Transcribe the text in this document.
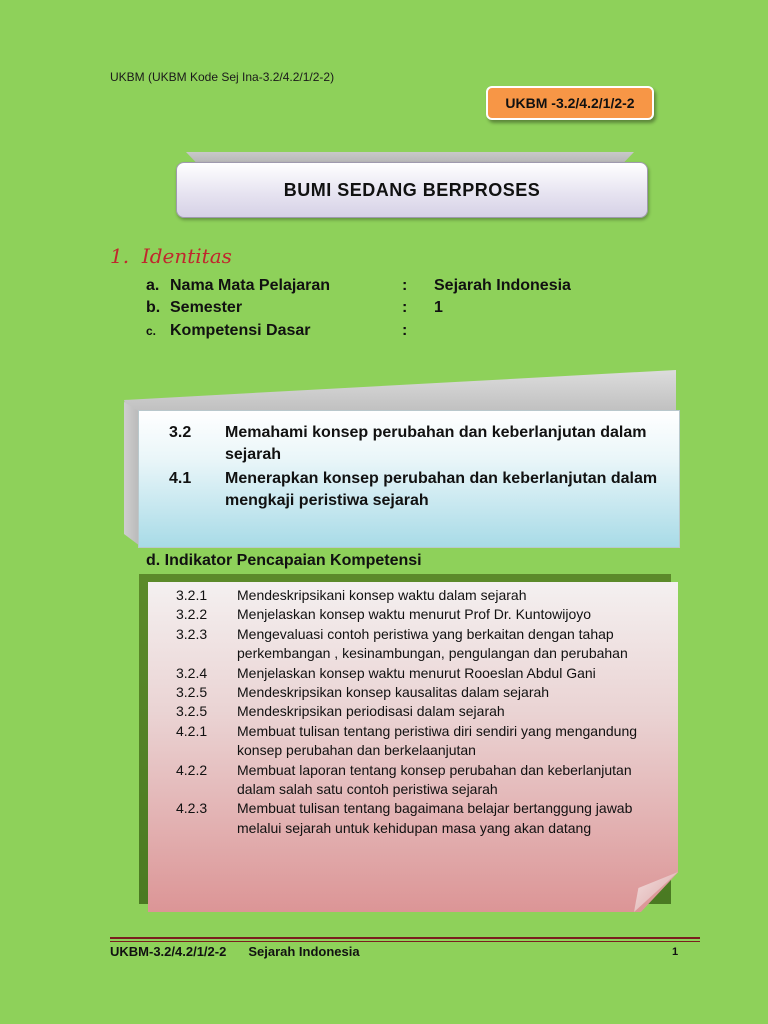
UKBM (UKBM Kode Sej Ina-3.2/4.2/1/2-2)
UKBM -3.2/4.2/1/2-2
BUMI SEDANG BERPROSES
1. Identitas
a. Nama Mata Pelajaran	: Sejarah Indonesia
b. Semester	: 1
c. Kompetensi Dasar	:
3.2 Memahami konsep perubahan dan keberlanjutan dalam sejarah
4.1 Menerapkan konsep perubahan dan keberlanjutan dalam mengkaji peristiwa sejarah
d. Indikator Pencapaian Kompetensi
3.2.1 Mendeskripsikani konsep waktu dalam sejarah
3.2.2 Menjelaskan konsep waktu menurut Prof Dr. Kuntowijoyo
3.2.3 Mengevaluasi contoh peristiwa yang berkaitan dengan tahap perkembangan , kesinambungan, pengulangan dan perubahan
3.2.4 Menjelaskan konsep waktu menurut Rooeslan Abdul Gani
3.2.5 Mendeskripsikan konsep kausalitas dalam sejarah
3.2.5 Mendeskripsikan periodisasi dalam sejarah
4.2.1 Membuat tulisan tentang peristiwa diri sendiri yang mengandung konsep perubahan dan berkelaanjutan
4.2.2 Membuat laporan tentang konsep perubahan dan keberlanjutan dalam salah satu contoh peristiwa sejarah
4.2.3 Membuat tulisan tentang bagaimana belajar bertanggung jawab melalui sejarah untuk kehidupan masa yang akan datang
UKBM-3.2/4.2/1/2-2 Sejarah Indonesia	1
